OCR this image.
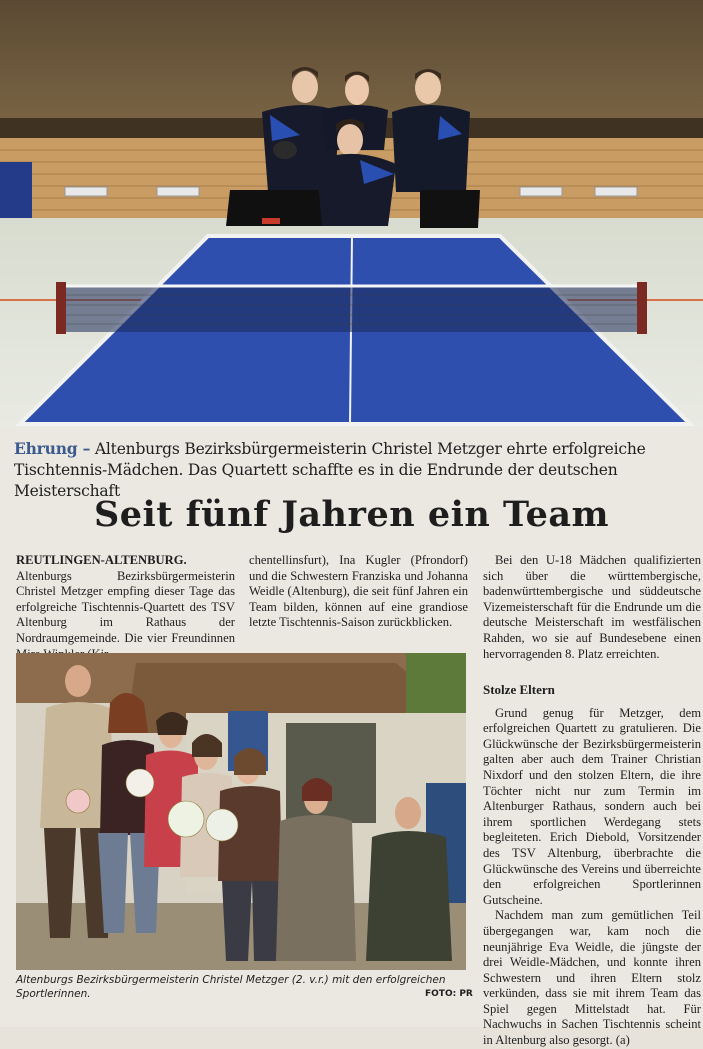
Ehrung – Altenburgs Bezirksbürgermeisterin Christel Metzger ehrte erfolgreiche Tischtennis-Mädchen. Das Quartett schaffte es in die Endrunde der deutschen Meisterschaft
Seit fünf Jahren ein Team

REUTLINGEN-ALTENBURG. Altenburgs Bezirksbürgermeisterin Christel Metzger empfing dieser Tage das erfolgreiche Tischtennis-Quartett des TSV Altenburg im Rathaus der Nordraumgemeinde. Die vier Freundinnen

chentellinsfurt), Ina Kugler (Pfrondorf) und die Schwestern Franziska und Johanna Weidle (Altenburg), die seit fünf Jahren ein Team bilden, können auf eine grandiose letzte Tischtennis-Saison zurückblicken.

Bei den U-18 Mädchen qualifizierten sich über die württembergische, badenwürttembergische und süddeutsche Vizemeisterschaft für die Endrunde um die deutsche Meisterschaft im westfälischen Rahden, wo sie auf Bundesebene einen hervorragenden 8. Platz erreichten.

Stolze Eltern

Grund genug für Metzger, dem erfolgreichen Quartett zu gratulieren. Die Glückwünsche der Bezirksbürgermeisterin galten aber auch dem Trainer Christian Nixdorf und den stolzen Eltern, die ihre Töchter nicht nur zum Termin im Altenburger Rathaus, sondern auch bei ihrem sportlichen Werdegang stets begleiteten. Erich Diebold, Vorsitzender des TSV Altenburg, überbrachte die Glückwünsche des Vereins und überreichte den erfolgreichen Sportlerinnen Gutscheine.

Nachdem man zum gemütlichen Teil übergegangen war, kam noch die neunjährige Eva Weidle, die jüngste der drei Weidle-Mädchen, und konnte ihren Schwestern und ihren Eltern stolz verkünden, dass sie mit ihrem Team das Spiel gegen Mittelstadt hat. Für Nachwuchs in Sachen Tischtennis scheint in Altenburg also gesorgt. (a)

Altenburgs Bezirksbürgermeisterin Christel Metzger (2. v.r.) mit den erfolgreichen Sportlerinnen.	FOTO: PR
